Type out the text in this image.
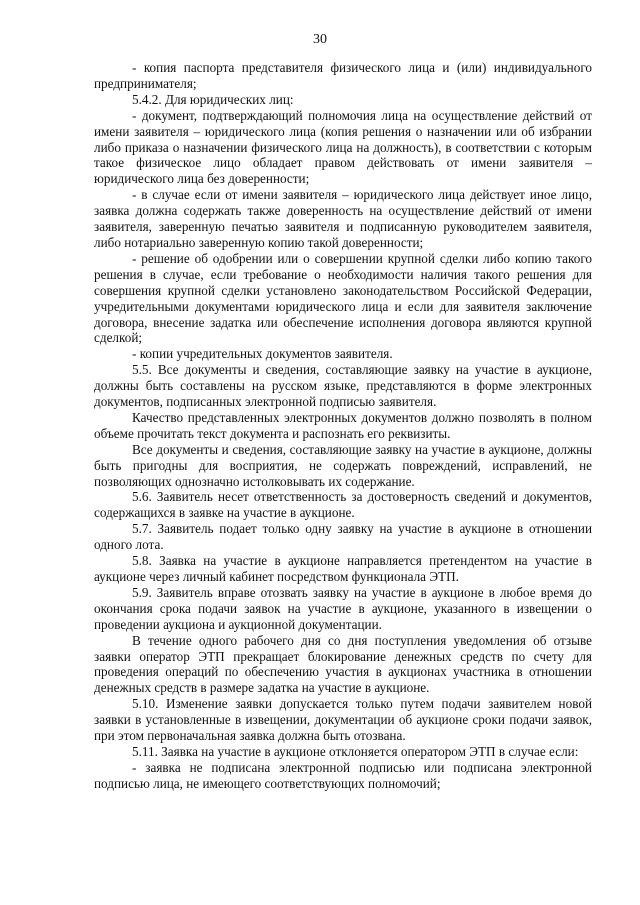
30

- копия паспорта представителя физического лица и (или) индивидуального предпринимателя;

5.4.2. Для юридических лиц:

- документ, подтверждающий полномочия лица на осуществление действий от имени заявителя – юридического лица (копия решения о назначении или об избрании либо приказа о назначении физического лица на должность), в соответствии с которым такое физическое лицо обладает правом действовать от имени заявителя – юридического лица без доверенности;

- в случае если от имени заявителя – юридического лица действует иное лицо, заявка должна содержать также доверенность на осуществление действий от имени заявителя, заверенную печатью заявителя и подписанную руководителем заявителя, либо нотариально заверенную копию такой доверенности;

- решение об одобрении или о совершении крупной сделки либо копию такого решения в случае, если требование о необходимости наличия такого решения для совершения крупной сделки установлено законодательством Российской Федерации, учредительными документами юридического лица и если для заявителя заключение договора, внесение задатка или обеспечение исполнения договора являются крупной сделкой;

- копии учредительных документов заявителя.

5.5. Все документы и сведения, составляющие заявку на участие в аукционе, должны быть составлены на русском языке, представляются в форме электронных документов, подписанных электронной подписью заявителя.

Качество представленных электронных документов должно позволять в полном объеме прочитать текст документа и распознать его реквизиты.

Все документы и сведения, составляющие заявку на участие в аукционе, должны быть пригодны для восприятия, не содержать повреждений, исправлений, не позволяющих однозначно истолковывать их содержание.

5.6. Заявитель несет ответственность за достоверность сведений и документов, содержащихся в заявке на участие в аукционе.

5.7. Заявитель подает только одну заявку на участие в аукционе в отношении одного лота.

5.8. Заявка на участие в аукционе направляется претендентом на участие в аукционе через личный кабинет посредством функционала ЭТП.

5.9. Заявитель вправе отозвать заявку на участие в аукционе в любое время до окончания срока подачи заявок на участие в аукционе, указанного в извещении о проведении аукциона и аукционной документации.

В течение одного рабочего дня со дня поступления уведомления об отзыве заявки оператор ЭТП прекращает блокирование денежных средств по счету для проведения операций по обеспечению участия в аукционах участника в отношении денежных средств в размере задатка на участие в аукционе.

5.10. Изменение заявки допускается только путем подачи заявителем новой заявки в установленные в извещении, документации об аукционе сроки подачи заявок, при этом первоначальная заявка должна быть отозвана.

5.11. Заявка на участие в аукционе отклоняется оператором ЭТП в случае если:

- заявка не подписана электронной подписью или подписана электронной подписью лица, не имеющего соответствующих полномочий;
